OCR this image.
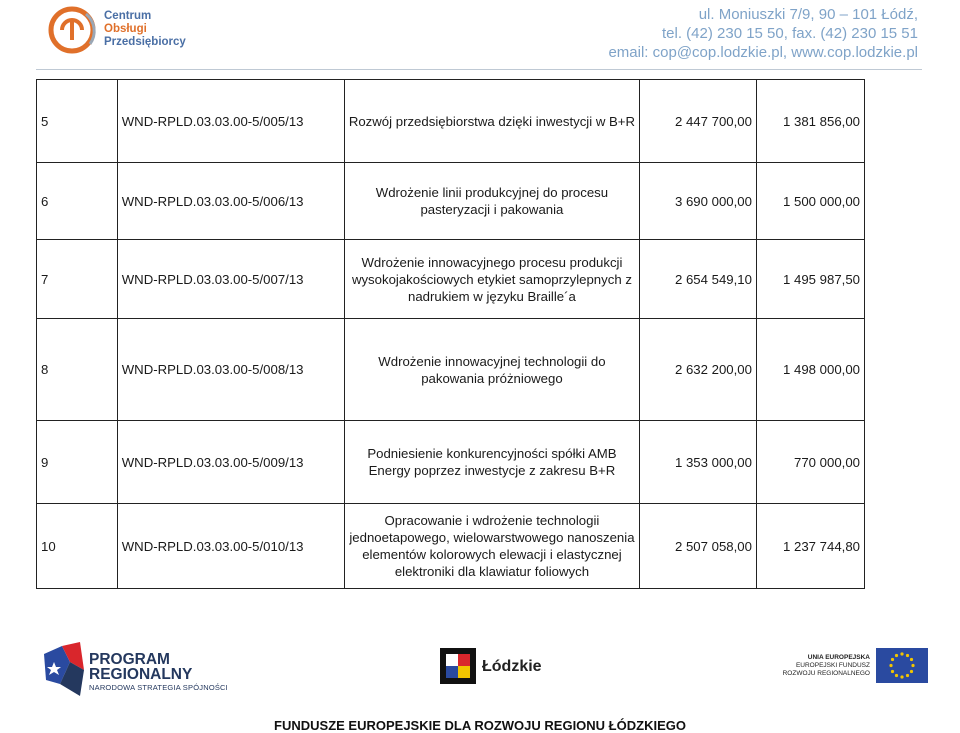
Centrum
Obsługi
Przedsiębiorcy
ul. Moniuszki 7/9, 90 – 101 Łódź,
tel. (42) 230 15 50, fax. (42) 230 15 51
email: cop@cop.lodzkie.pl, www.cop.lodzkie.pl
5	WND-RPLD.03.03.00-5/005/13	Rozwój przedsiębiorstwa dzięki inwestycji w B+R	2 447 700,00	1 381 856,00
6	WND-RPLD.03.03.00-5/006/13	Wdrożenie linii produkcyjnej do procesu pasteryzacji i pakowania	3 690 000,00	1 500 000,00
7	WND-RPLD.03.03.00-5/007/13	Wdrożenie innowacyjnego procesu produkcji wysokojakościowych etykiet samoprzylepnych z nadrukiem w języku Braille´a	2 654 549,10	1 495 987,50
8	WND-RPLD.03.03.00-5/008/13	Wdrożenie innowacyjnej technologii do pakowania próżniowego	2 632 200,00	1 498 000,00
9	WND-RPLD.03.03.00-5/009/13	Podniesienie konkurencyjności spółki AMB Energy poprzez inwestycje z zakresu B+R	1 353 000,00	770 000,00
10	WND-RPLD.03.03.00-5/010/13	Opracowanie i wdrożenie technologii jednoetapowego, wielowarstwowego nanoszenia elementów kolorowych elewacji i elastycznej elektroniki dla klawiatur foliowych	2 507 058,00	1 237 744,80
PROGRAM
REGIONALNY
NARODOWA STRATEGIA SPÓJNOŚCI
Łódzkie
UNIA EUROPEJSKA
EUROPEJSKI FUNDUSZ
ROZWOJU REGIONALNEGO
FUNDUSZE EUROPEJSKIE DLA ROZWOJU REGIONU ŁÓDZKIEGO
